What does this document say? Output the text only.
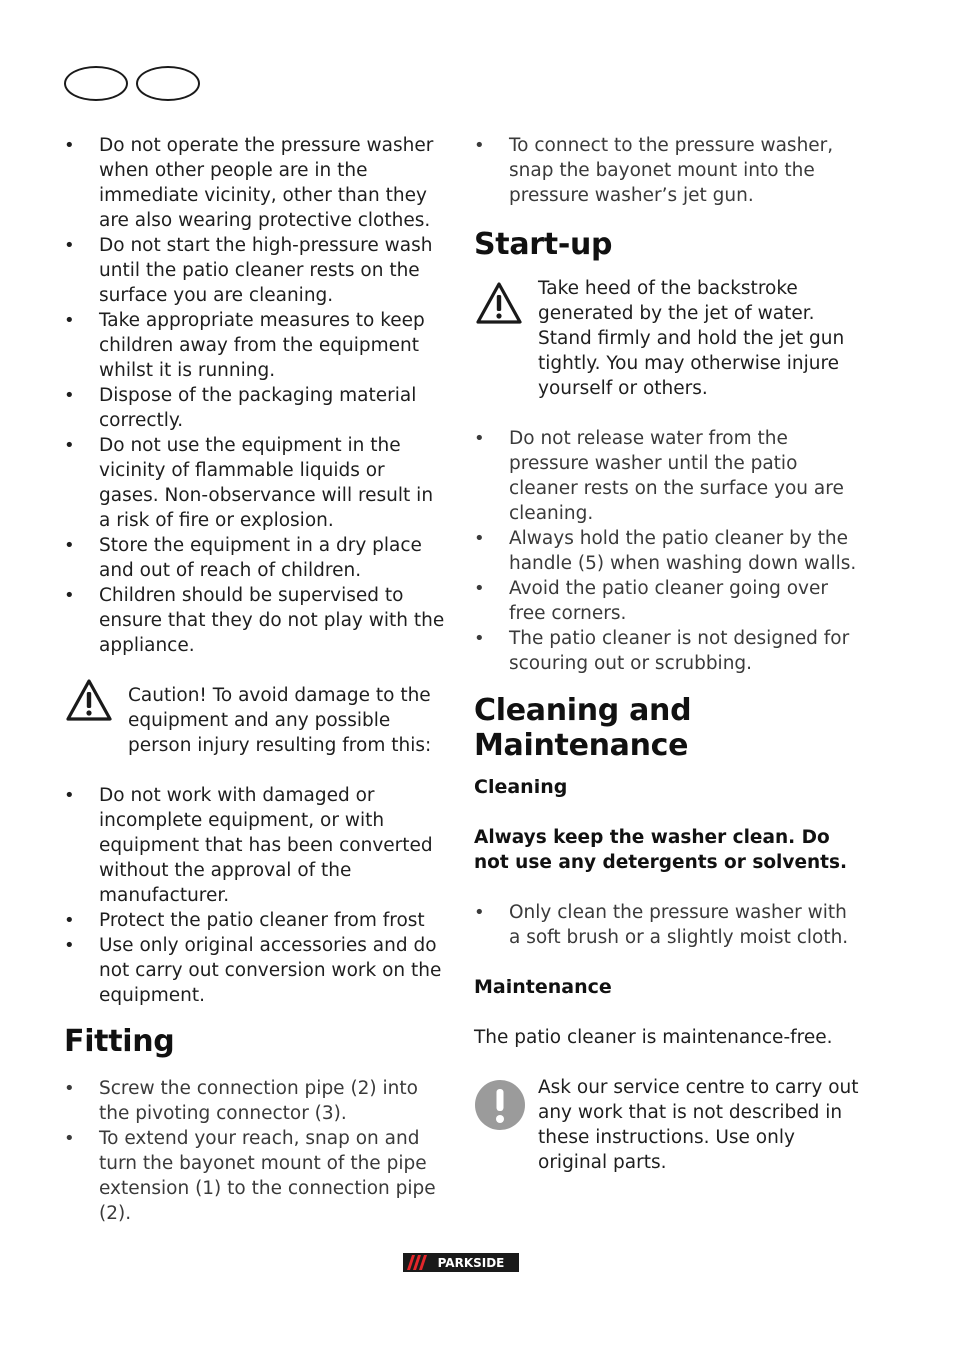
• Do not operate the pressure washer when other people are in the immediate vicinity, other than they are also wearing protective clothes.
• Do not start the high-pressure wash until the patio cleaner rests on the surface you are cleaning.
• Take appropriate measures to keep children away from the equipment whilst it is running.
• Dispose of the packaging material correctly.
• Do not use the equipment in the vicinity of flammable liquids or gases. Non-observance will result in a risk of fire or explosion.
• Store the equipment in a dry place and out of reach of children.
• Children should be supervised to ensure that they do not play with the appliance.

Caution! To avoid damage to the equipment and any possible person injury resulting from this:

• Do not work with damaged or incomplete equipment, or with equipment that has been converted without the approval of the manufacturer.
• Protect the patio cleaner from frost
• Use only original accessories and do not carry out conversion work on the equipment.
Fitting
• Screw the connection pipe (2) into the pivoting connector (3).
• To extend your reach, snap on and turn the bayonet mount of the pipe extension (1) to the connection pipe (2).
• To connect to the pressure washer, snap the bayonet mount into the pressure washer’s jet gun.
Start-up

Take heed of the backstroke generated by the jet of water. Stand firmly and hold the jet gun tightly. You may otherwise injure yourself or others.

• Do not release water from the pressure washer until the patio cleaner rests on the surface you are cleaning.
• Always hold the patio cleaner by the handle (5) when washing down walls.
• Avoid the patio cleaner going over free corners.
• The patio cleaner is not designed for scouring out or scrubbing.
Cleaning and
Maintenance
Cleaning

Always keep the washer clean. Do not use any detergents or solvents.

• Only clean the pressure washer with a soft brush or a slightly moist cloth.
Maintenance

The patio cleaner is maintenance-free.

Ask our service centre to carry out any work that is not described in these instructions. Use only original parts.

PARKSIDE
